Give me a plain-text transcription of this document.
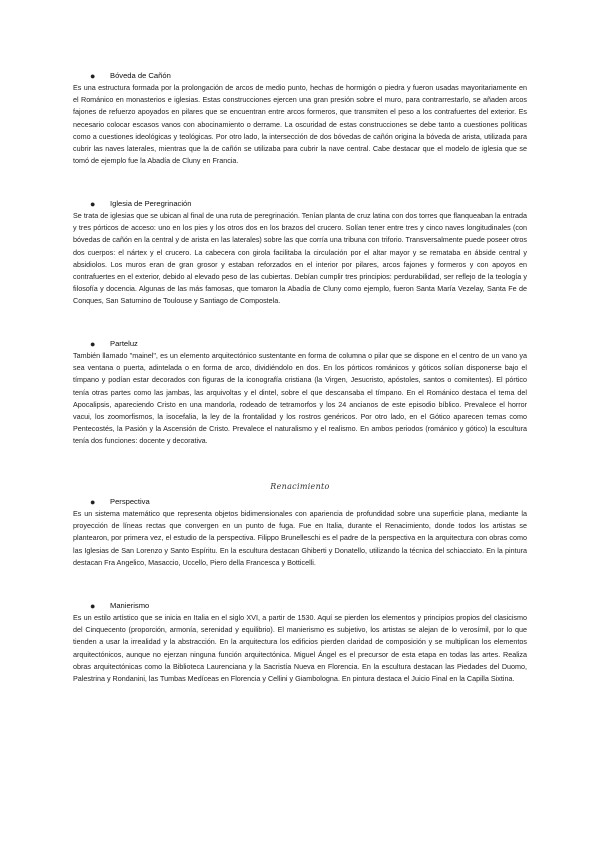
●	Bóveda de Cañón

Es una estructura formada por la prolongación de arcos de medio punto, hechas de hormigón o piedra y fueron usadas mayoritariamente en el Románico en monasterios e iglesias. Estas construcciones ejercen una gran presión sobre el muro, para contrarrestarlo, se añaden arcos fajones de refuerzo apoyados en pilares que se encuentran entre arcos formeros, que transmiten el peso a los contrafuertes del exterior. Es necesario colocar escasos vanos con abocinamiento o derrame. La oscuridad de estas construcciones se debe tanto a cuestiones políticas como a cuestiones ideológicas y teológicas. Por otro lado, la intersección de dos bóvedas de cañón origina la bóveda de arista, utilizada para cubrir las naves laterales, mientras que la de cañón se utilizaba para cubrir la nave central. Cabe destacar que el modelo de iglesia que se tomó de ejemplo fue la Abadía de Cluny en Francia.

●	Iglesia de Peregrinación

Se trata de iglesias que se ubican al final de una ruta de peregrinación. Tenían planta de cruz latina con dos torres que flanqueaban la entrada y tres pórticos de acceso: uno en los pies y los otros dos en los brazos del crucero. Solían tener entre tres y cinco naves longitudinales (con bóvedas de cañón en la central y de arista en las laterales) sobre las que corría una tribuna con triforio. Transversalmente puede poseer otros dos cuerpos: el nártex y el crucero. La cabecera con girola facilitaba la circulación por el altar mayor y se remataba en ábside central y absidiolos. Los muros eran de gran grosor y estaban reforzados en el interior por pilares, arcos fajones y formeros y con apoyos en contrafuertes en el exterior, debido al elevado peso de las cubiertas. Debían cumplir tres principios: perdurabilidad, ser reflejo de la teología y filosofía y docencia. Algunas de las más famosas, que tomaron la Abadía de Cluny como ejemplo, fueron Santa María Vezelay, Santa Fe de Conques, San Saturnino de Toulouse y Santiago de Compostela.

●	Parteluz

También llamado "mainel", es un elemento arquitectónico sustentante en forma de columna o pilar que se dispone en el centro de un vano ya sea ventana o puerta, adintelada o en forma de arco, dividiéndolo en dos. En los pórticos románicos y góticos solían disponerse bajo el tímpano y podían estar decorados con figuras de la iconografía cristiana (la Virgen, Jesucristo, apóstoles, santos o comitentes). El pórtico tenía otras partes como las jambas, las arquivoltas y el dintel, sobre el que descansaba el tímpano. En el Románico destaca el tema del Apocalipsis, apareciendo Cristo en una mandorla, rodeado de tetramorfos y los 24 ancianos de este episodio bíblico. Prevalece el horror vacui, los zoomorfismos, la isocefalia, la ley de la frontalidad y los rostros genéricos. Por otro lado, en el Gótico aparecen temas como Pentecostés, la Pasión y la Ascensión de Cristo. Prevalece el naturalismo y el realismo. En ambos periodos (románico y gótico) la escultura tenía dos funciones: docente y decorativa.

Renacimiento
●	Perspectiva

Es un sistema matemático que representa objetos bidimensionales con apariencia de profundidad sobre una superficie plana, mediante la proyección de líneas rectas que convergen en un punto de fuga. Fue en Italia, durante el Renacimiento, donde todos los artistas se plantearon, por primera vez, el estudio de la perspectiva. Filippo Brunelleschi es el padre de la perspectiva en la arquitectura con obras como las Iglesias de San Lorenzo y Santo Espíritu. En la escultura destacan Ghiberti y Donatello, utilizando la técnica del schiacciato. En la pintura destacan Fra Angelico, Masaccio, Uccello, Piero della Francesca y Botticelli.

●	Manierismo

Es un estilo artístico que se inicia en Italia en el siglo XVI, a partir de 1530. Aquí se pierden los elementos y principios propios del clasicismo del Cinquecento (proporción, armonía, serenidad y equilibrio). El manierismo es subjetivo, los artistas se alejan de lo verosímil, por lo que tienden a usar la irrealidad y la abstracción. En la arquitectura los edificios pierden claridad de composición y se multiplican los elementos arquitectónicos, aunque no ejerzan ninguna función arquitectónica. Miguel Ángel es el precursor de esta etapa en todas las artes. Realiza obras arquitectónicas como la Biblioteca Laurenciana y la Sacristía Nueva en Florencia. En la escultura destacan las Piedades del Duomo, Palestrina y Rondanini, las Tumbas Medíceas en Florencia y Cellini y Giambologna. En pintura destaca el Juicio Final en la Capilla Sixtina.
